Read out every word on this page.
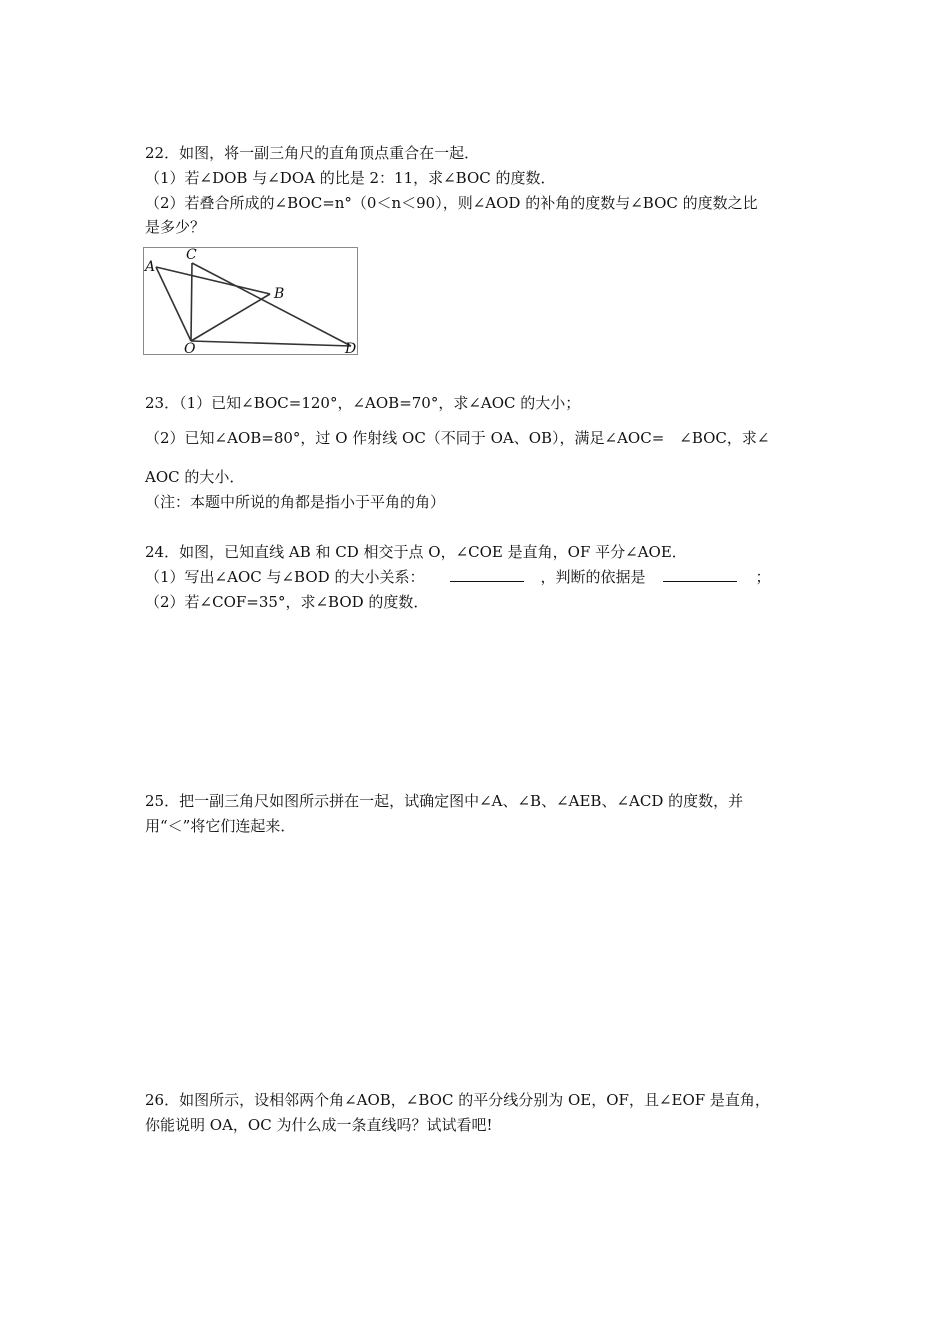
22．如图，将一副三角尺的直角顶点重合在一起．
（1）若∠DOB 与∠DOA 的比是 2：11，求∠BOC 的度数．
（2）若叠合所成的∠BOC=n°（0＜n＜90），则∠AOD 的补角的度数与∠BOC 的度数之比
是多少？
A
C
B
O	D
23．（1）已知∠BOC=120°，∠AOB=70°，求∠AOC 的大小；
（2）已知∠AOB=80°，过 O 作射线 OC（不同于 OA、OB），满足∠AOC=　∠BOC，求∠
AOC 的大小．
（注：本题中所说的角都是指小于平角的角）
24．如图，已知直线 AB 和 CD 相交于点 O，∠COE 是直角，OF 平分∠AOE．
（1）写出∠AOC 与∠BOD 的大小关系：	，判断的依据是	；
（2）若∠COF=35°，求∠BOD 的度数．
25．把一副三角尺如图所示拼在一起，试确定图中∠A、∠B、∠AEB、∠ACD 的度数，并
用“＜”将它们连起来．
26．如图所示，设相邻两个角∠AOB，∠BOC 的平分线分别为 OE，OF，且∠EOF 是直角，
你能说明 OA，OC 为什么成一条直线吗？试试看吧!
